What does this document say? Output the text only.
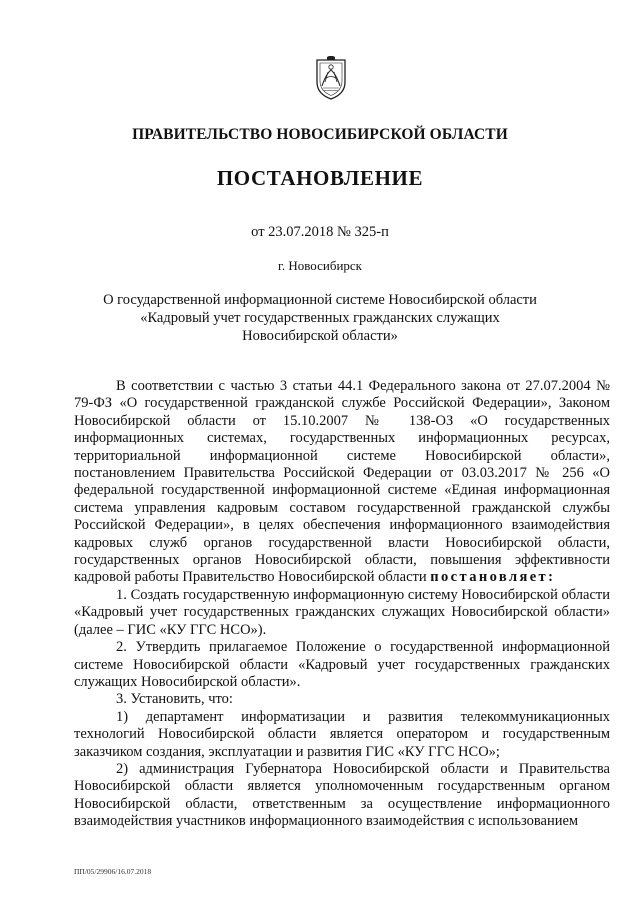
ПРАВИТЕЛЬСТВО НОВОСИБИРСКОЙ ОБЛАСТИ
ПОСТАНОВЛЕНИЕ
от 23.07.2018 № 325-п
г. Новосибирск
О государственной информационной системе Новосибирской области «Кадровый учет государственных гражданских служащих Новосибирской области»

В соответствии с частью 3 статьи 44.1 Федерального закона от 27.07.2004 № 79-ФЗ «О государственной гражданской службе Российской Федерации», Законом Новосибирской области от 15.10.2007 № 138-ОЗ «О государственных информационных системах, государственных информационных ресурсах, территориальной информационной системе Новосибирской области», постановлением Правительства Российской Федерации от 03.03.2017 № 256 «О федеральной государственной информационной системе «Единая информационная система управления кадровым составом государственной гражданской службы Российской Федерации», в целях обеспечения информационного взаимодействия кадровых служб органов государственной власти Новосибирской области, государственных органов Новосибирской области, повышения эффективности кадровой работы Правительство Новосибирской области постановляет:

1. Создать государственную информационную систему Новосибирской области «Кадровый учет государственных гражданских служащих Новосибирской области» (далее – ГИС «КУ ГГС НСО»).

2. Утвердить прилагаемое Положение о государственной информационной системе Новосибирской области «Кадровый учет государственных гражданских служащих Новосибирской области».

3. Установить, что:

1) департамент информатизации и развития телекоммуникационных технологий Новосибирской области является оператором и государственным заказчиком создания, эксплуатации и развития ГИС «КУ ГГС НСО»;

2) администрация Губернатора Новосибирской области и Правительства Новосибирской области является уполномоченным государственным органом Новосибирской области, ответственным за осуществление информационного взаимодействия участников информационного взаимодействия с использованием

ПП/05/29906/16.07.2018
